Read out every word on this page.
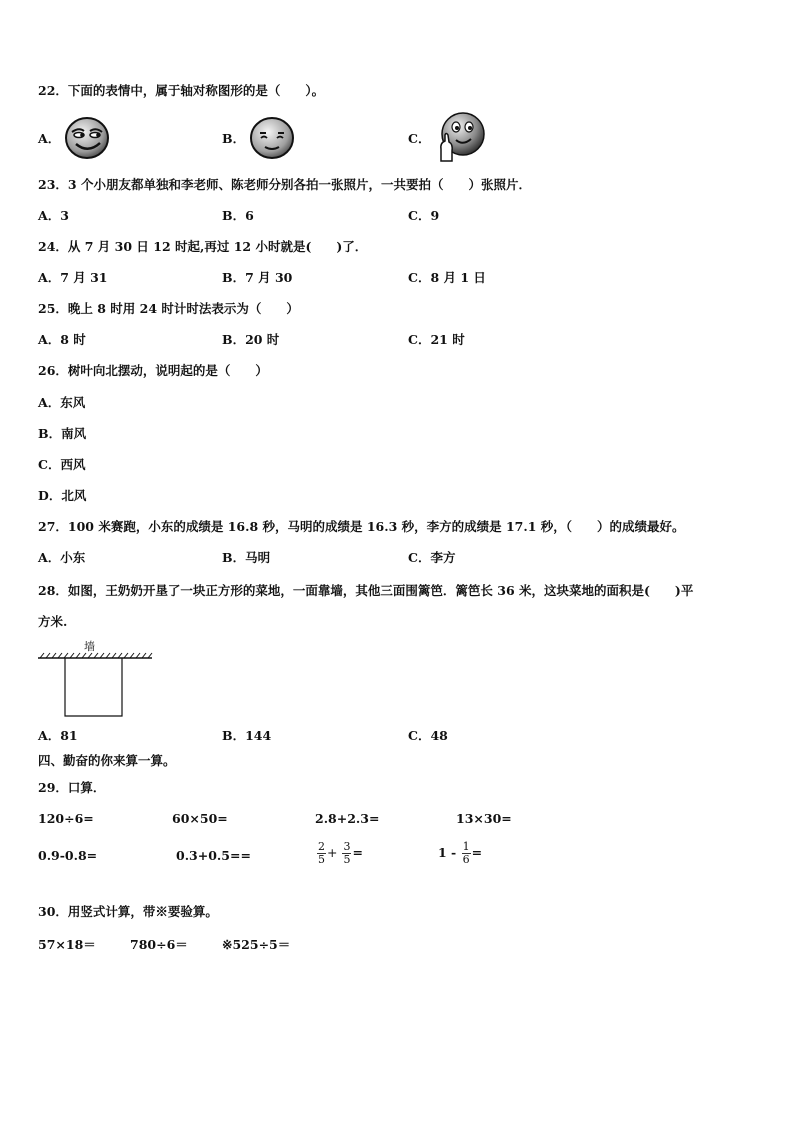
22．下面的表情中，属于轴对称图形的是（　　）。
A．	B．	C．
23．3 个小朋友都单独和李老师、陈老师分别各拍一张照片，一共要拍（　　）张照片．
A．3	B．6	C．9
24．从 7 月 30 日 12 时起,再过 12 小时就是(　　)了．
A．7 月 31	B．7 月 30	C．8 月 1 日
25．晚上 8 时用 24 时计时法表示为（　　）
A．8 时	B．20 时	C．21 时
26．树叶向北摆动，说明起的是（　　）
A．东风
B．南风
C．西风
D．北风
27．100 米赛跑，小东的成绩是 16.8 秒，马明的成绩是 16.3 秒，李方的成绩是 17.1 秒，（　　）的成绩最好。
A．小东	B．马明	C．李方
28．如图，王奶奶开垦了一块正方形的菜地，一面靠墙，其他三面围篱笆．篱笆长 36 米，这块菜地的面积是(　　)平
方米.
墙
A．81	B．144	C．48
四、勤奋的你来算一算。
29．口算．
120÷6=	60×50=	2.8+2.3=	13×30=
0.9-0.8=	0.3+0.5==	$\frac{2}{5} + \frac{3}{5}$ =	$1 - \frac{1}{6}$ =
30．用竖式计算，带※要验算。
57×18＝	780÷6＝	※525÷5＝
